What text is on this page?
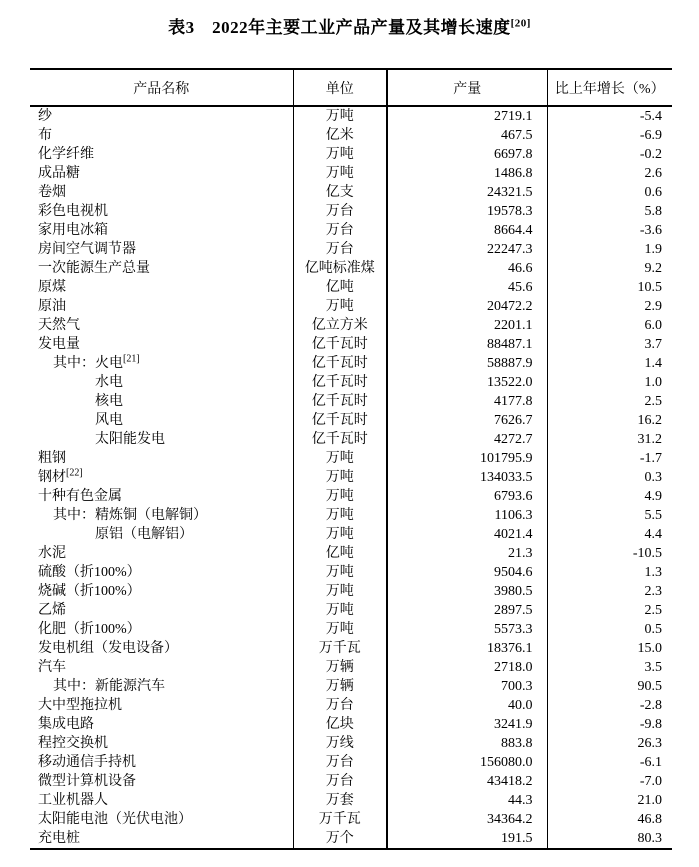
表3　2022年主要工业产品产量及其增长速度[20]
产品名称	单位	产量	比上年增长（%）
纱	万吨	2719.1	-5.4
布	亿米	467.5	-6.9
化学纤维	万吨	6697.8	-0.2
成品糖	万吨	1486.8	2.6
卷烟	亿支	24321.5	0.6
彩色电视机	万台	19578.3	5.8
家用电冰箱	万台	8664.4	-3.6
房间空气调节器	万台	22247.3	1.9
一次能源生产总量	亿吨标准煤	46.6	9.2
原煤	亿吨	45.6	10.5
原油	万吨	20472.2	2.9
天然气	亿立方米	2201.1	6.0
发电量	亿千瓦时	88487.1	3.7
其中：火电[21]	亿千瓦时	58887.9	1.4
水电	亿千瓦时	13522.0	1.0
核电	亿千瓦时	4177.8	2.5
风电	亿千瓦时	7626.7	16.2
太阳能发电	亿千瓦时	4272.7	31.2
粗钢	万吨	101795.9	-1.7
钢材[22]	万吨	134033.5	0.3
十种有色金属	万吨	6793.6	4.9
其中：精炼铜（电解铜）	万吨	1106.3	5.5
原铝（电解铝）	万吨	4021.4	4.4
水泥	亿吨	21.3	-10.5
硫酸（折100%）	万吨	9504.6	1.3
烧碱（折100%）	万吨	3980.5	2.3
乙烯	万吨	2897.5	2.5
化肥（折100%）	万吨	5573.3	0.5
发电机组（发电设备）	万千瓦	18376.1	15.0
汽车	万辆	2718.0	3.5
其中：新能源汽车	万辆	700.3	90.5
大中型拖拉机	万台	40.0	-2.8
集成电路	亿块	3241.9	-9.8
程控交换机	万线	883.8	26.3
移动通信手持机	万台	156080.0	-6.1
微型计算机设备	万台	43418.2	-7.0
工业机器人	万套	44.3	21.0
太阳能电池（光伏电池）	万千瓦	34364.2	46.8
充电桩	万个	191.5	80.3
